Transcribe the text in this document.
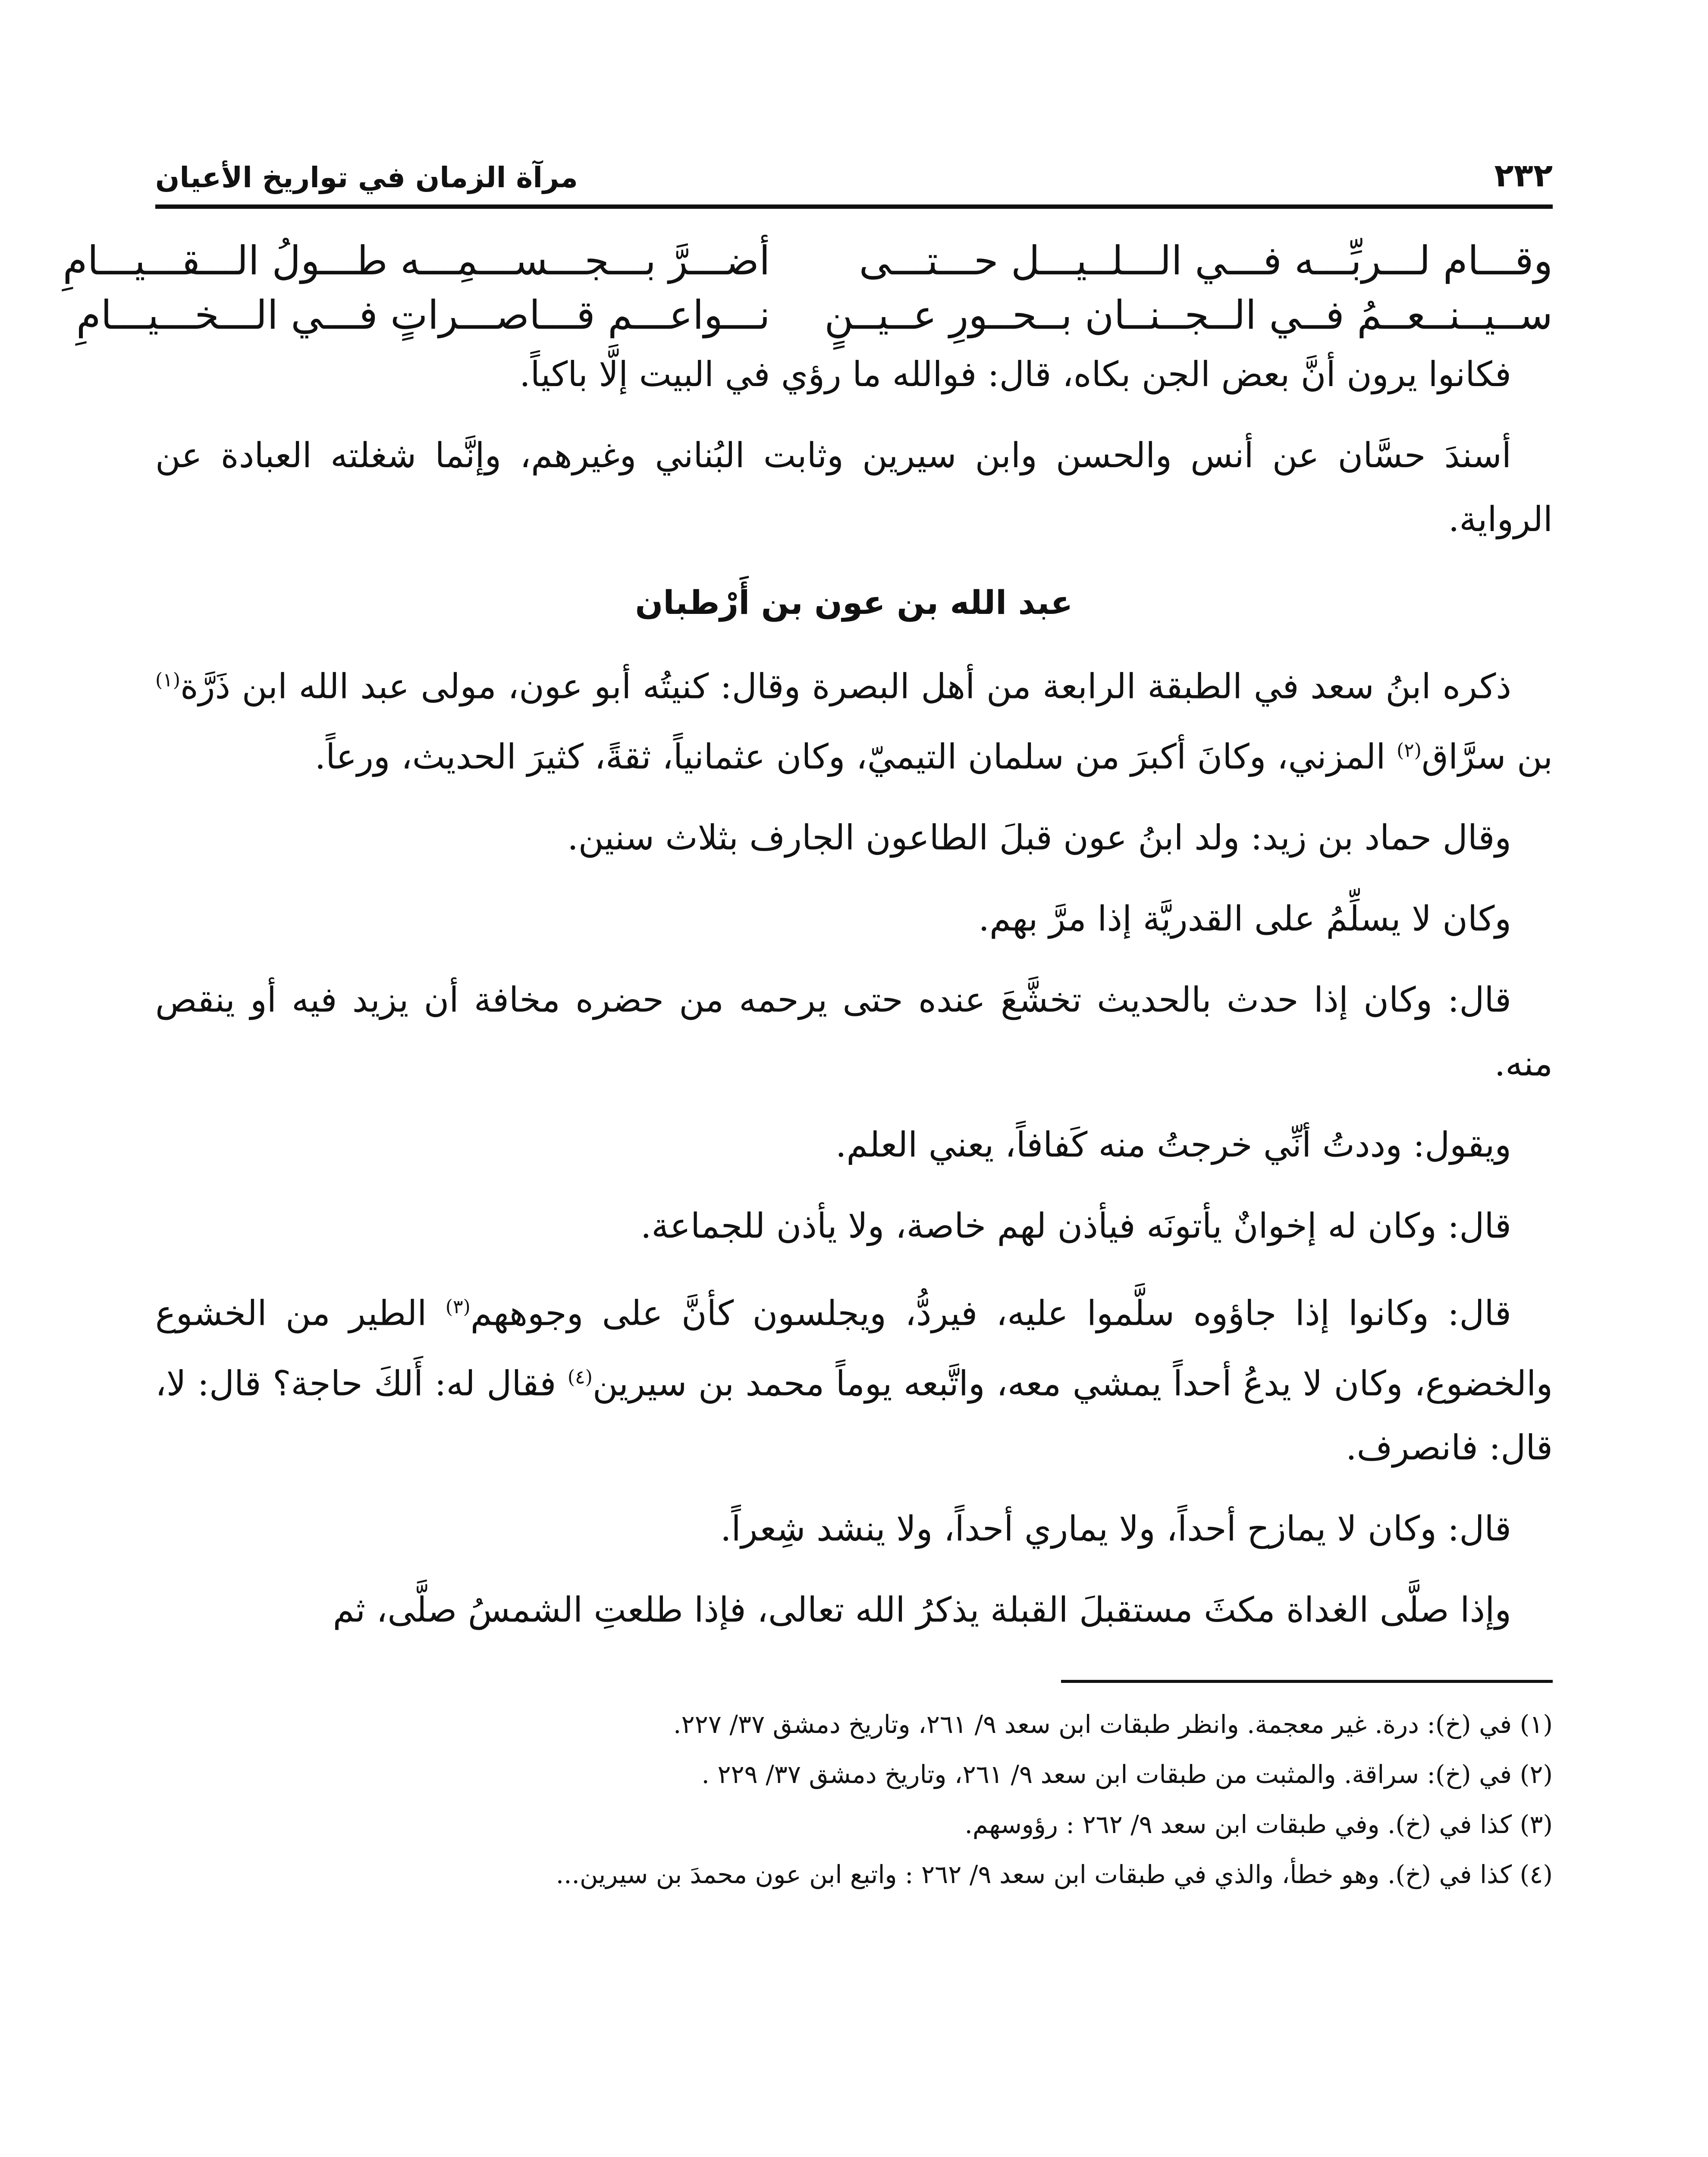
٢٣٢
مرآة الزمان في تواريخ الأعيان
وقـــام لـــربِّـــه فـــي الـــلــيـــل حـــتـــى
أضـــرَّ بـــجـــســـمِـــه طـــولُ الـــقـــيـــامِ
ســيــنــعــمُ فــي الــجــنــان بــحــورِ عــيــنٍ
نـــواعـــم قـــاصـــراتٍ فـــي الـــخـــيـــامِ

فكانوا يرون أنَّ بعض الجن بكاه، قال: فوالله ما رؤي في البيت إلَّا باكياً.

أسندَ حسَّان عن أنس والحسن وابن سيرين وثابت البُناني وغيرهم، وإنَّما شغلته العبادة عن الرواية.

عبد الله بن عون بن أَرْطبان

ذكره ابنُ سعد في الطبقة الرابعة من أهل البصرة وقال: كنيتُه أبو عون، مولى عبد الله ابن ذَرَّة$^{(١)}$ بن سرَّاق$^{(٢)}$ المزني، وكانَ أكبرَ من سلمان التيميّ، وكان عثمانياً، ثقةً، كثيرَ الحديث، ورعاً.

وقال حماد بن زيد: ولد ابنُ عون قبلَ الطاعون الجارف بثلاث سنين.

وكان لا يسلِّمُ على القدريَّة إذا مرَّ بهم.

قال: وكان إذا حدث بالحديث تخشَّعَ عنده حتى يرحمه من حضره مخافة أن يزيد فيه أو ينقص منه.

ويقول: وددتُ أنِّي خرجتُ منه كَفافاً، يعني العلم.

قال: وكان له إخوانٌ يأتونَه فيأذن لهم خاصة، ولا يأذن للجماعة.

قال: وكانوا إذا جاؤوه سلَّموا عليه، فيردُّ، ويجلسون كأنَّ على وجوههم$^{(٣)}$ الطير من الخشوع والخضوع، وكان لا يدعُ أحداً يمشي معه، واتَّبعه يوماً محمد بن سيرين$^{(٤)}$ فقال له: أَلكَ حاجة؟ قال: لا، قال: فانصرف.

قال: وكان لا يمازح أحداً، ولا يماري أحداً، ولا ينشد شِعراً.

وإذا صلَّى الغداة مكثَ مستقبلَ القبلة يذكرُ الله تعالى، فإذا طلعتِ الشمسُ صلَّى، ثم

(١) في (خ): درة. غير معجمة. وانظر طبقات ابن سعد ٩/ ٢٦١، وتاريخ دمشق ٣٧/ ٢٢٧.
(٢) في (خ): سراقة. والمثبت من طبقات ابن سعد ٩/ ٢٦١، وتاريخ دمشق ٣٧/ ٢٢٩ .
(٣) كذا في (خ). وفي طبقات ابن سعد ٩/ ٢٦٢ : رؤوسهم.
(٤) كذا في (خ). وهو خطأ، والذي في طبقات ابن سعد ٩/ ٢٦٢ : واتبع ابن عون محمدَ بن سيرين...
